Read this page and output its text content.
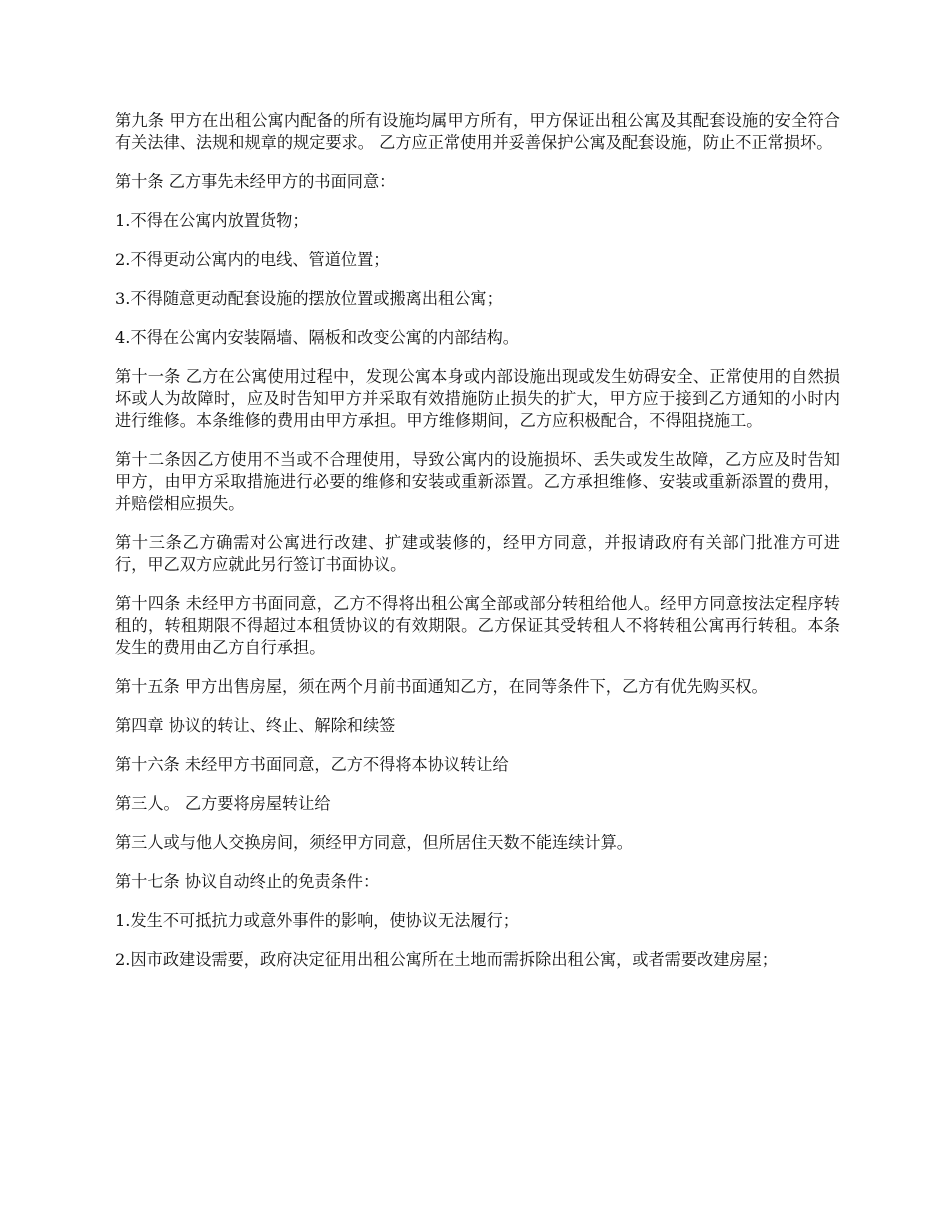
第九条 甲方在出租公寓内配备的所有设施均属甲方所有，甲方保证出租公寓及其配套设施的安全符合有关法律、法规和规章的规定要求。 乙方应正常使用并妥善保护公寓及配套设施，防止不正常损坏。

第十条 乙方事先未经甲方的书面同意：

1.不得在公寓内放置货物；

2.不得更动公寓内的电线、管道位置；

3.不得随意更动配套设施的摆放位置或搬离出租公寓；

4.不得在公寓内安装隔墙、隔板和改变公寓的内部结构。

第十一条 乙方在公寓使用过程中，发现公寓本身或内部设施出现或发生妨碍安全、正常使用的自然损坏或人为故障时，应及时告知甲方并采取有效措施防止损失的扩大，甲方应于接到乙方通知的小时内进行维修。本条维修的费用由甲方承担。甲方维修期间，乙方应积极配合，不得阻挠施工。

第十二条因乙方使用不当或不合理使用，导致公寓内的设施损坏、丢失或发生故障，乙方应及时告知甲方，由甲方采取措施进行必要的维修和安装或重新添置。乙方承担维修、安装或重新添置的费用，并赔偿相应损失。

第十三条乙方确需对公寓进行改建、扩建或装修的，经甲方同意，并报请政府有关部门批准方可进行，甲乙双方应就此另行签订书面协议。

第十四条 未经甲方书面同意，乙方不得将出租公寓全部或部分转租给他人。经甲方同意按法定程序转租的，转租期限不得超过本租赁协议的有效期限。乙方保证其受转租人不将转租公寓再行转租。本条发生的费用由乙方自行承担。

第十五条 甲方出售房屋，须在两个月前书面通知乙方，在同等条件下，乙方有优先购买权。

第四章 协议的转让、终止、解除和续签

第十六条 未经甲方书面同意，乙方不得将本协议转让给

第三人。 乙方要将房屋转让给

第三人或与他人交换房间，须经甲方同意，但所居住天数不能连续计算。

第十七条 协议自动终止的免责条件：

1.发生不可抵抗力或意外事件的影响，使协议无法履行；

2.因市政建设需要，政府决定征用出租公寓所在土地而需拆除出租公寓，或者需要改建房屋；
